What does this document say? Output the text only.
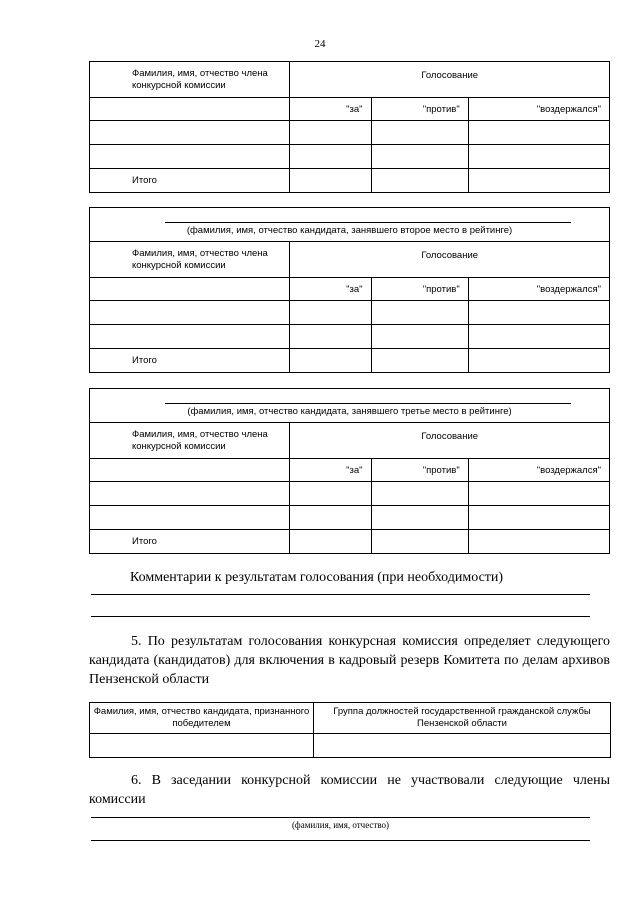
24
Фамилия, имя, отчество члена конкурсной комиссии	Голосование		
	"за"	"против"	"воздержался"

Итого			
(фамилия, имя, отчество кандидата, занявшего второе место в рейтинге)			

Фамилия, имя, отчество члена конкурсной комиссии	Голосование		
	"за"	"против"	"воздержался"

Итого			
(фамилия, имя, отчество кандидата, занявшего третье место в рейтинге)			

Фамилия, имя, отчество члена конкурсной комиссии	Голосование		
	"за"	"против"	"воздержался"

Итого			
Комментарии к результатам голосования (при необходимости)
5. По результатам голосования конкурсная комиссия определяет следующего кандидата (кандидатов) для включения в кадровый резерв Комитета по делам архивов Пензенской области
Фамилия, имя, отчество кандидата, признанного победителем	Группа должностей государственной гражданской службы Пензенской области

6. В заседании конкурсной комиссии не участвовали следующие члены комиссии
(фамилия, имя, отчество)
